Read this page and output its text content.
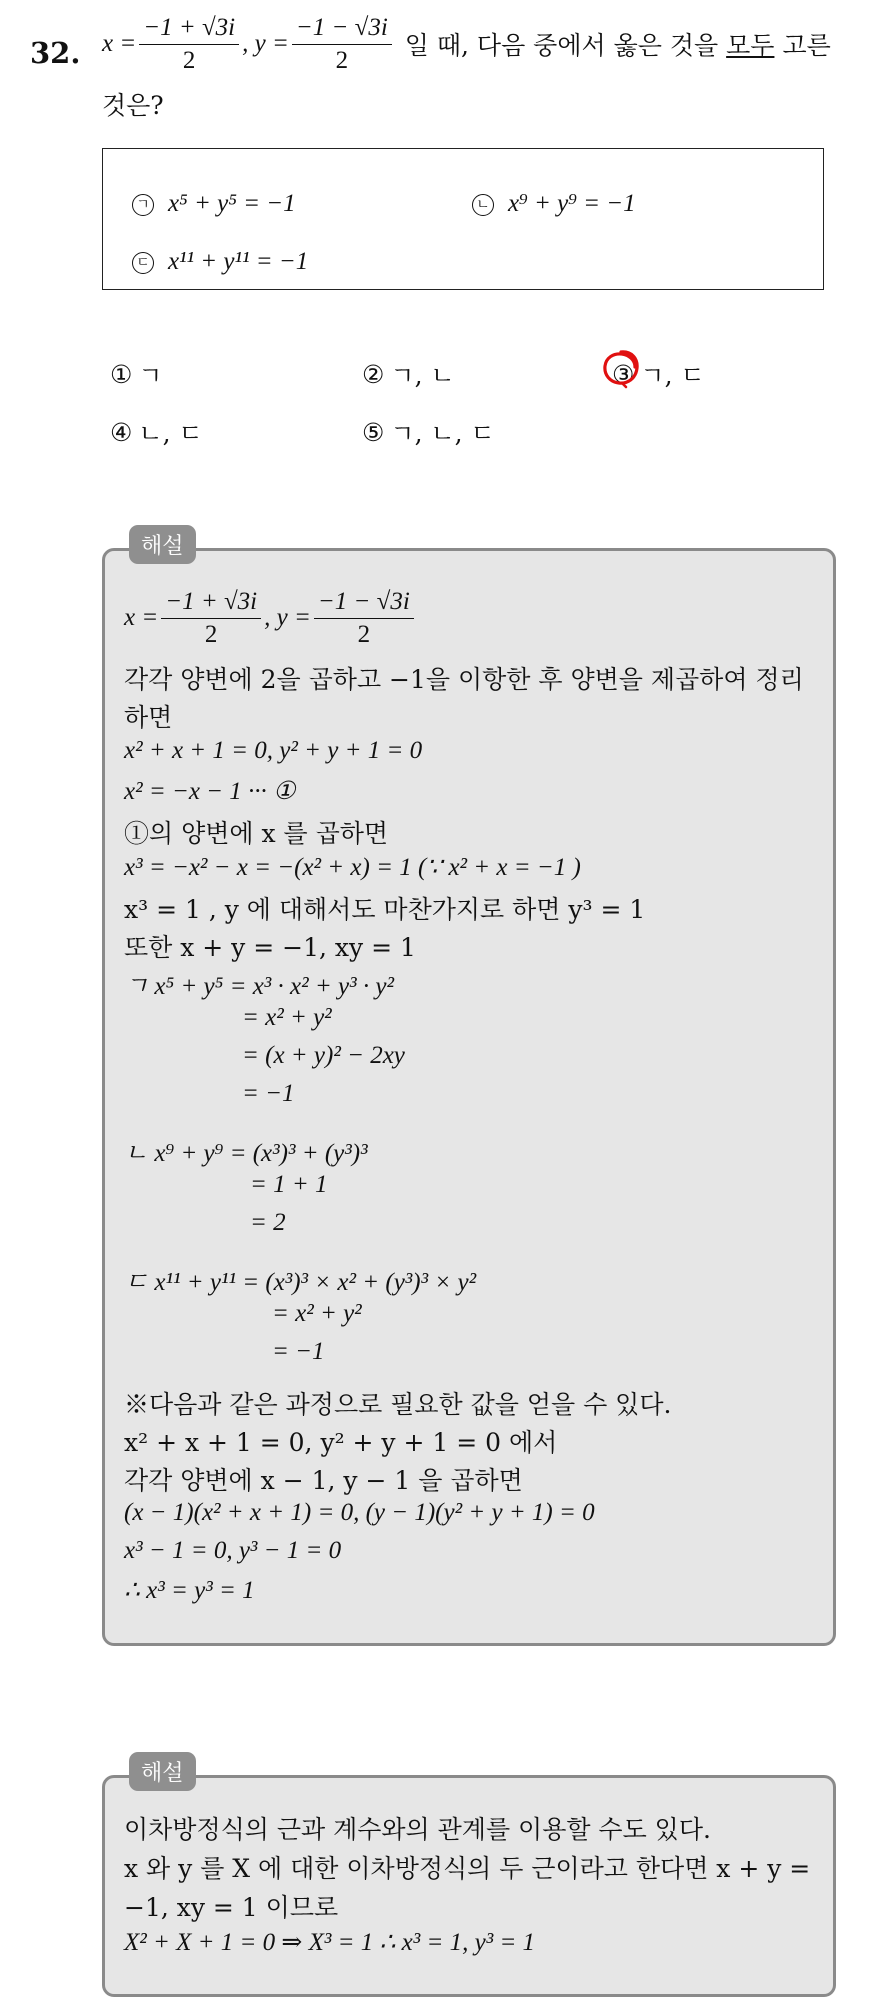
32. $x = \frac{-1 + √3i}{2}$ , $y = \frac{-1 - √3i}{2}$ 일 때, 다음 중에서 옳은 것을 모두 고른
것은?
ㄱ x⁵ + y⁵ = −1	ㄴ x⁹ + y⁹ = −1
ㄷ x¹¹ + y¹¹ = −1
① ㄱ	② ㄱ, ㄴ	③ ㄱ, ㄷ
④ ㄴ, ㄷ	⑤ ㄱ, ㄴ, ㄷ
해설
$x = \frac{-1 + √3i}{2}$ , $y = \frac{-1 - √3i}{2}$
각각 양변에 2을 곱하고 −1을 이항한 후 양변을 제곱하여 정리
하면
x² + x + 1 = 0, y² + y + 1 = 0
x² = −x − 1 ··· ①
①의 양변에 x 를 곱하면
x³ = −x² − x = −(x² + x) = 1 (∵ x² + x = −1 )
x³ = 1 , y 에 대해서도 마찬가지로 하면 y³ = 1
또한 x + y = −1, xy = 1
ㄱ x⁵ + y⁵ = x³ · x² + y³ · y²
= x² + y²
= (x + y)² − 2xy
= −1
ㄴ x⁹ + y⁹ = (x³)³ + (y³)³
= 1 + 1
= 2
ㄷ x¹¹ + y¹¹ = (x³)³ × x² + (y³)³ × y²
= x² + y²
= −1
※다음과 같은 과정으로 필요한 값을 얻을 수 있다.
x² + x + 1 = 0, y² + y + 1 = 0 에서
각각 양변에 x − 1, y − 1 을 곱하면
(x − 1)(x² + x + 1) = 0, (y − 1)(y² + y + 1) = 0
x³ − 1 = 0, y³ − 1 = 0
∴ x³ = y³ = 1
해설
이차방정식의 근과 계수와의 관계를 이용할 수도 있다.
x 와 y 를 X 에 대한 이차방정식의 두 근이라고 한다면 x + y =
−1, xy = 1 이므로
X² + X + 1 = 0 ⇒ X³ = 1 ∴ x³ = 1, y³ = 1
